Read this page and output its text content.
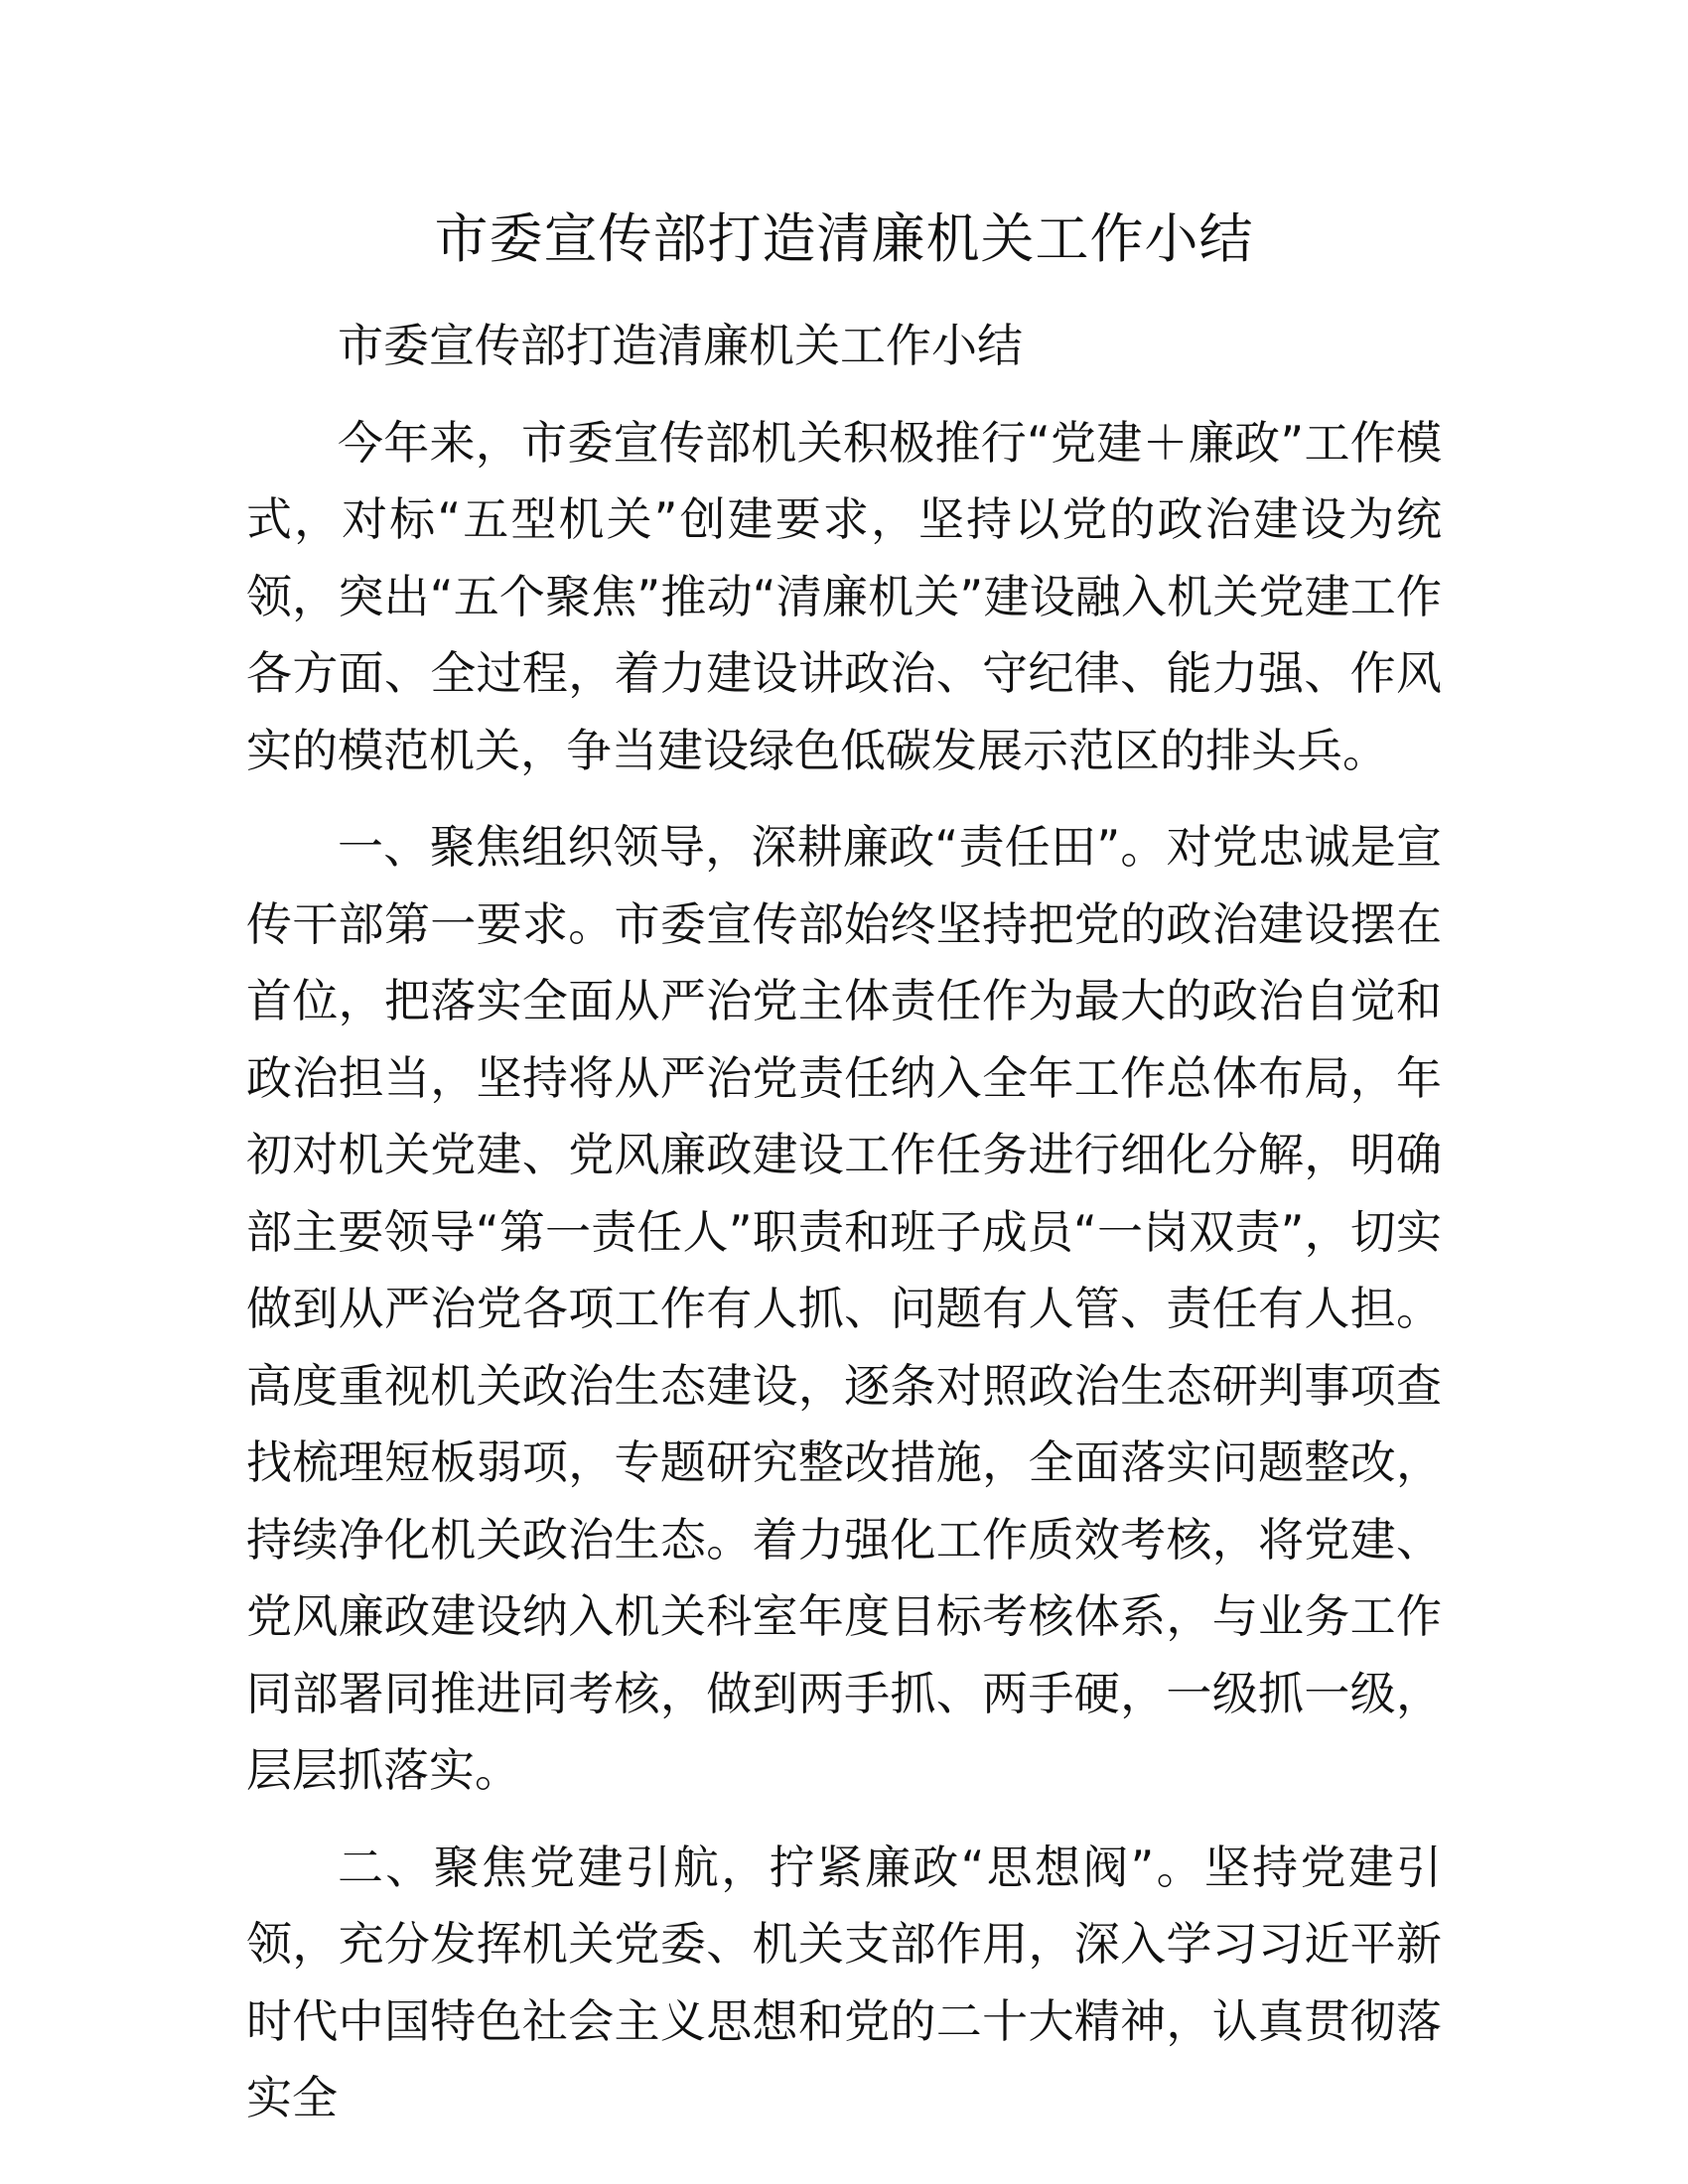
市委宣传部打造清廉机关工作小结

市委宣传部打造清廉机关工作小结

今年来，市委宣传部机关积极推行“党建＋廉政”工作模式，对标“五型机关”创建要求，坚持以党的政治建设为统领，突出“五个聚焦”推动“清廉机关”建设融入机关党建工作各方面、全过程，着力建设讲政治、守纪律、能力强、作风实的模范机关，争当建设绿色低碳发展示范区的排头兵。

一、聚焦组织领导，深耕廉政“责任田”。对党忠诚是宣传干部第一要求。市委宣传部始终坚持把党的政治建设摆在首位，把落实全面从严治党主体责任作为最大的政治自觉和政治担当，坚持将从严治党责任纳入全年工作总体布局，年初对机关党建、党风廉政建设工作任务进行细化分解，明确部主要领导“第一责任人”职责和班子成员“一岗双责”，切实做到从严治党各项工作有人抓、问题有人管、责任有人担。高度重视机关政治生态建设，逐条对照政治生态研判事项查找梳理短板弱项，专题研究整改措施，全面落实问题整改，持续净化机关政治生态。着力强化工作质效考核，将党建、党风廉政建设纳入机关科室年度目标考核体系，与业务工作同部署同推进同考核，做到两手抓、两手硬，一级抓一级，层层抓落实。

二、聚焦党建引航，拧紧廉政“思想阀”。坚持党建引领，充分发挥机关党委、机关支部作用，深入学习习近平新时代中国特色社会主义思想和党的二十大精神，认真贯彻落实全
